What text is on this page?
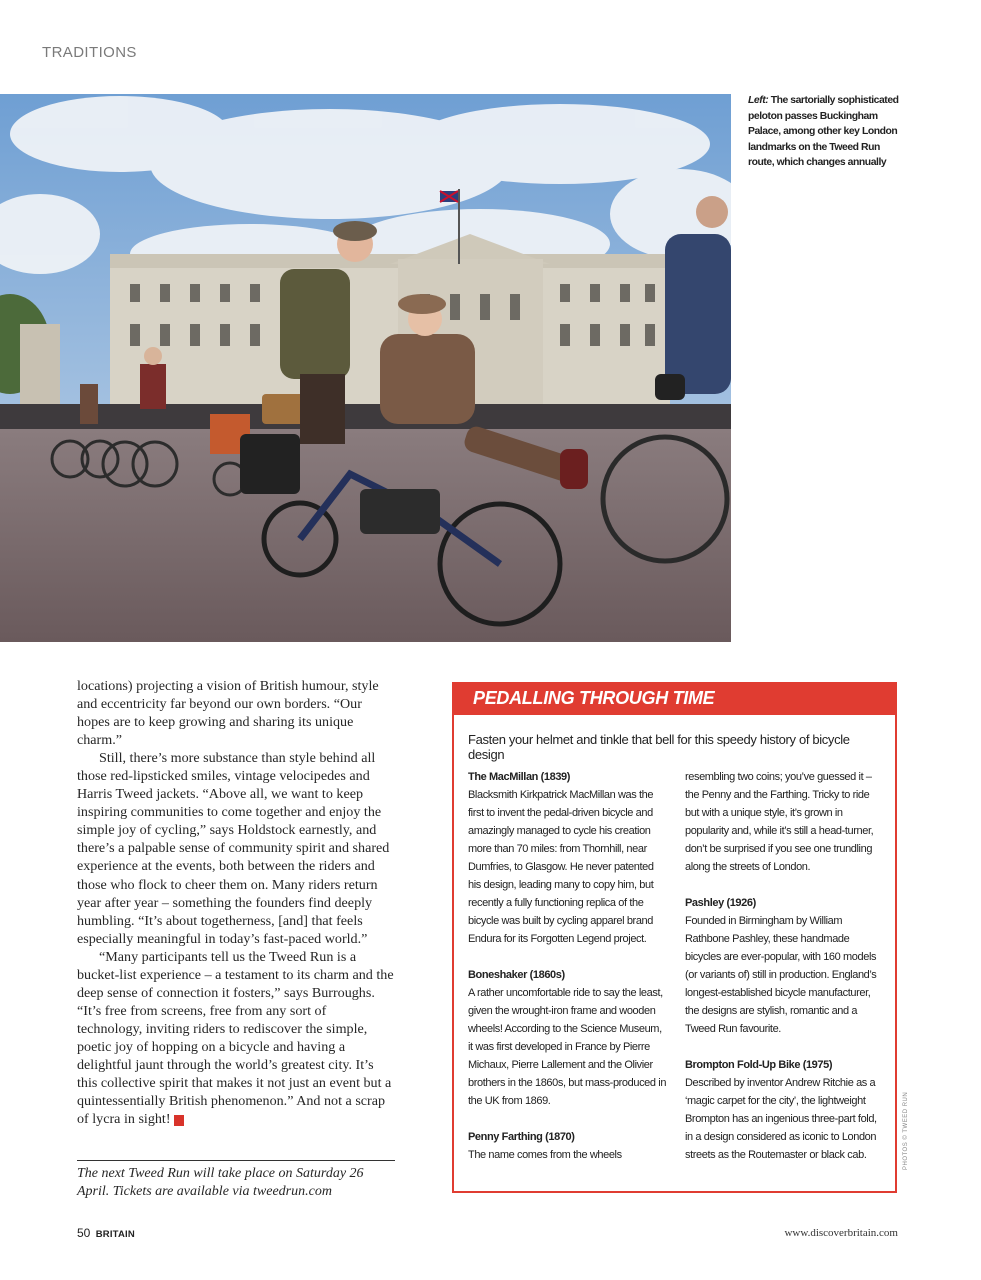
TRADITIONS
Left: The sartorially sophisticated peloton passes Buckingham Palace, among other key London landmarks on the Tweed Run route, which changes annually

locations) projecting a vision of British humour, style and eccentricity far beyond our own borders. “Our hopes are to keep growing and sharing its unique charm.”

Still, there’s more substance than style behind all those red-lipsticked smiles, vintage velocipedes and Harris Tweed jackets. “Above all, we want to keep inspiring communities to come together and enjoy the simple joy of cycling,” says Holdstock earnestly, and there’s a palpable sense of community spirit and shared experience at the events, both between the riders and those who flock to cheer them on. Many riders return year after year – something the founders find deeply humbling. “It’s about togetherness, [and] that feels especially meaningful in today’s fast-paced world.”

“Many participants tell us the Tweed Run is a bucket-list experience – a testament to its charm and the deep sense of connection it fosters,” says Burroughs. “It’s free from screens, free from any sort of technology, inviting riders to rediscover the simple, poetic joy of hopping on a bicycle and having a delightful jaunt through the world’s greatest city. It’s this collective spirit that makes it not just an event but a quintessentially British phenomenon.” And not a scrap of lycra in sight!	B

The next Tweed Run will take place on Saturday 26 April. Tickets are available via tweedrun.com
PEDALLING THROUGH TIME
Fasten your helmet and tinkle that bell for this speedy history of bicycle design
The MacMillan (1839)

Blacksmith Kirkpatrick MacMillan was the first to invent the pedal-driven bicycle and amazingly managed to cycle his creation more than 70 miles: from Thornhill, near Dumfries, to Glasgow. He never patented his design, leading many to copy him, but recently a fully functioning replica of the bicycle was built by cycling apparel brand Endura for its Forgotten Legend project.

Boneshaker (1860s)

A rather uncomfortable ride to say the least, given the wrought-iron frame and wooden wheels! According to the Science Museum, it was first developed in France by Pierre Michaux, Pierre Lallement and the Olivier brothers in the 1860s, but mass-produced in the UK from 1869.

Penny Farthing (1870)

The name comes from the wheels

resembling two coins; you’ve guessed it – the Penny and the Farthing. Tricky to ride but with a unique style, it’s grown in popularity and, while it’s still a head-turner, don’t be surprised if you see one trundling along the streets of London.

Pashley (1926)

Founded in Birmingham by William Rathbone Pashley, these handmade bicycles are ever-popular, with 160 models (or variants of) still in production. England’s longest-established bicycle manufacturer, the designs are stylish, romantic and a Tweed Run favourite.

Brompton Fold-Up Bike (1975)

Described by inventor Andrew Ritchie as a ‘magic carpet for the city’, the lightweight Brompton has an ingenious three-part fold, in a design considered as iconic to London streets as the Routemaster or black cab.	PHOTOS © TWEED RUN
50 BRITAIN	www.discoverbritain.com
